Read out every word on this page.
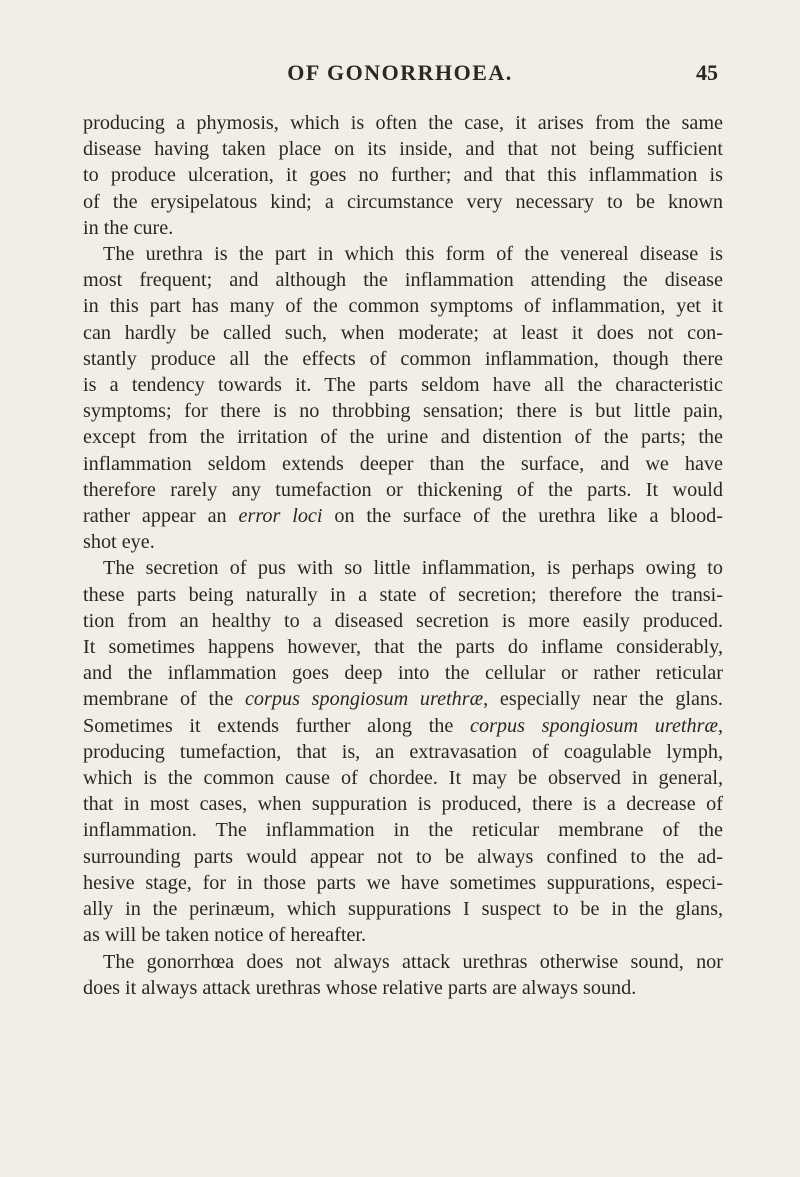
OF GONORRHOEA.	45

producing a phymosis, which is often the case, it arises from the same
disease having taken place on its inside, and that not being sufficient
to produce ulceration, it goes no further; and that this inflammation is
of the erysipelatous kind; a circumstance very necessary to be known
in the cure.

The urethra is the part in which this form of the venereal disease is
most frequent; and although the inflammation attending the disease
in this part has many of the common symptoms of inflammation, yet it
can hardly be called such, when moderate; at least it does not con-
stantly produce all the effects of common inflammation, though there
is a tendency towards it. The parts seldom have all the characteristic
symptoms; for there is no throbbing sensation; there is but little pain,
except from the irritation of the urine and distention of the parts; the
inflammation seldom extends deeper than the surface, and we have
therefore rarely any tumefaction or thickening of the parts. It would
rather appear an error loci on the surface of the urethra like a blood-
shot eye.

The secretion of pus with so little inflammation, is perhaps owing to
these parts being naturally in a state of secretion; therefore the transi-
tion from an healthy to a diseased secretion is more easily produced.
It sometimes happens however, that the parts do inflame considerably,
and the inflammation goes deep into the cellular or rather reticular
membrane of the corpus spongiosum urethræ, especially near the glans.
Sometimes it extends further along the corpus spongiosum urethræ,
producing tumefaction, that is, an extravasation of coagulable lymph,
which is the common cause of chordee. It may be observed in general,
that in most cases, when suppuration is produced, there is a decrease of
inflammation. The inflammation in the reticular membrane of the
surrounding parts would appear not to be always confined to the ad-
hesive stage, for in those parts we have sometimes suppurations, especi-
ally in the perinæum, which suppurations I suspect to be in the glans,
as will be taken notice of hereafter.

The gonorrhœa does not always attack urethras otherwise sound, nor
does it always attack urethras whose relative parts are always sound.
